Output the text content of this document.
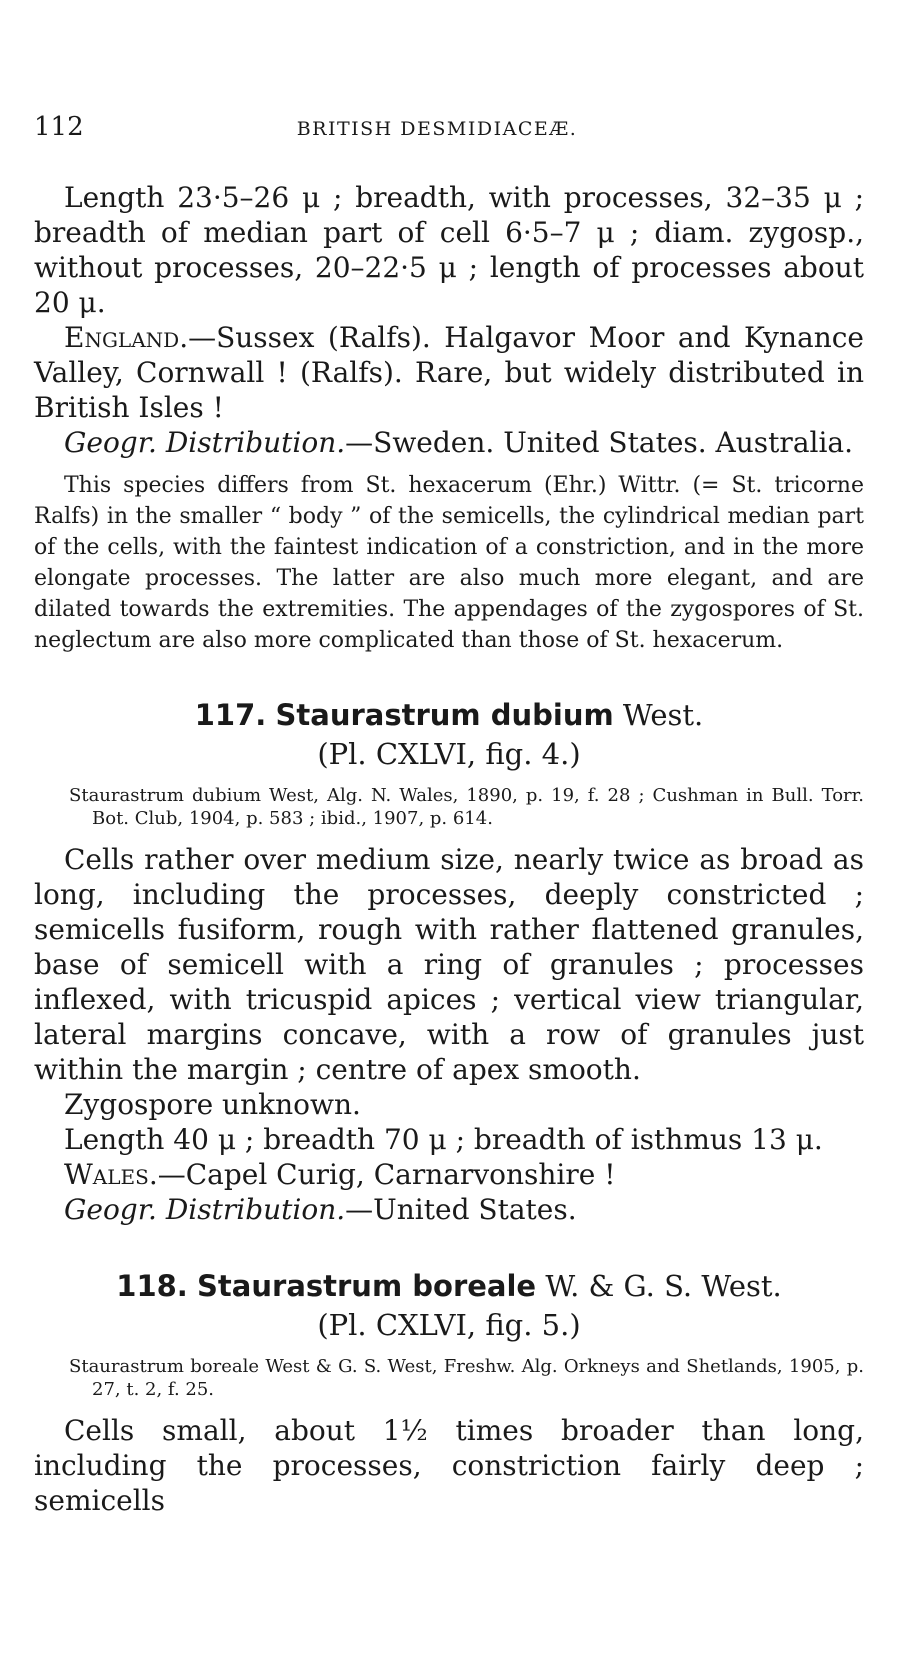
112	BRITISH DESMIDIACEÆ.

Length 23·5–26 μ ; breadth, with processes, 32–35 μ ; breadth of median part of cell 6·5–7 μ ; diam. zygosp., without processes, 20–22·5 μ ; length of processes about 20 μ.

England.—Sussex (Ralfs). Halgavor Moor and Kynance Valley, Cornwall ! (Ralfs). Rare, but widely distributed in British Isles !

Geogr. Distribution.—Sweden. United States. Australia.

This species differs from St. hexacerum (Ehr.) Wittr. (= St. tricorne Ralfs) in the smaller “ body ” of the semicells, the cylindrical median part of the cells, with the faintest indication of a constriction, and in the more elongate processes. The latter are also much more elegant, and are dilated towards the extremities. The appendages of the zygospores of St. neglectum are also more complicated than those of St. hexacerum.

117. Staurastrum dubium West.
(Pl. CXLVI, fig. 4.)

Staurastrum dubium West, Alg. N. Wales, 1890, p. 19, f. 28 ; Cushman in Bull. Torr. Bot. Club, 1904, p. 583 ; ibid., 1907, p. 614.

Cells rather over medium size, nearly twice as broad as long, including the processes, deeply constricted ; semicells fusiform, rough with rather flattened granules, base of semicell with a ring of granules ; processes inflexed, with tricuspid apices ; vertical view triangular, lateral margins concave, with a row of granules just within the margin ; centre of apex smooth.

Zygospore unknown.

Length 40 μ ; breadth 70 μ ; breadth of isthmus 13 μ.

Wales.—Capel Curig, Carnarvonshire !

Geogr. Distribution.—United States.

118. Staurastrum boreale W. & G. S. West.
(Pl. CXLVI, fig. 5.)

Staurastrum boreale West & G. S. West, Freshw. Alg. Orkneys and Shetlands, 1905, p. 27, t. 2, f. 25.

Cells small, about 1½ times broader than long, including the processes, constriction fairly deep ; semicells
